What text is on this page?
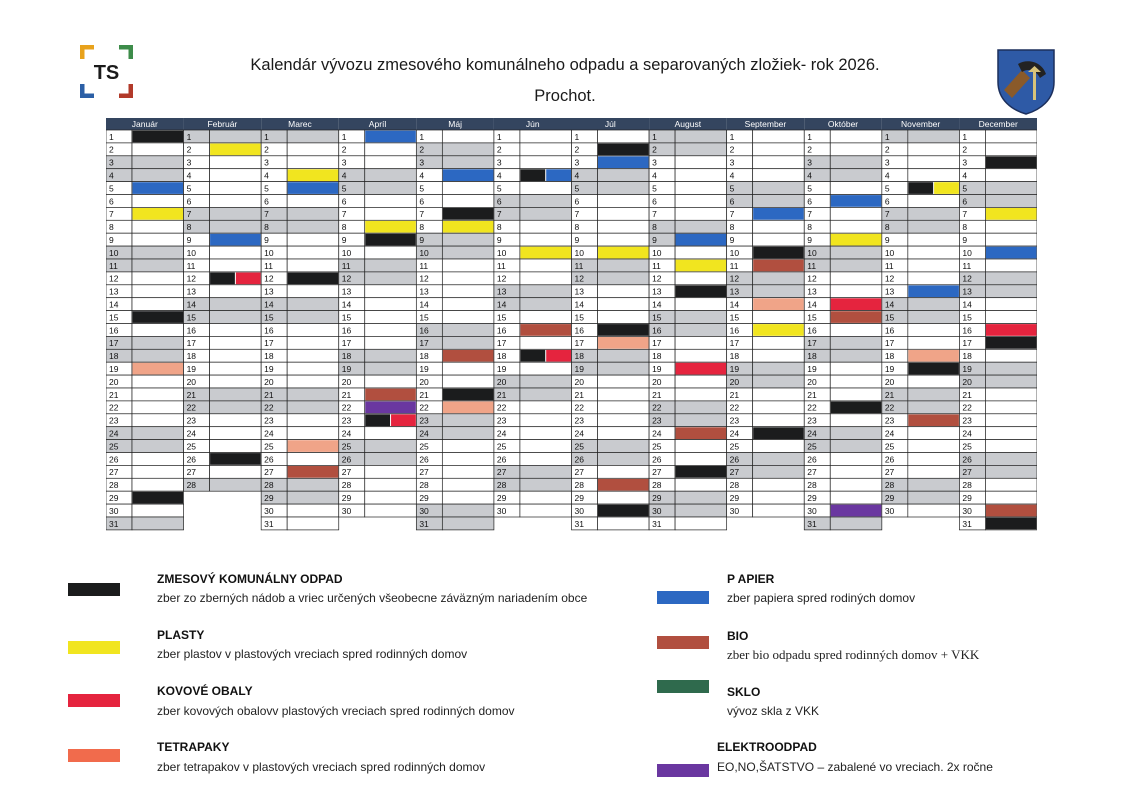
TS	Kalendár vývozu zmesového komunálneho odpadu a separovaných zložiek- rok 2026.
Prochot.
Január
1
2
3
4
5
6
7
8
9
10
11
12
13
14
15
16
17
18
19
20
21
22
23
24
25
26
27
28
29
30
31
Február
1
2
3
4
5
6
7
8
9
10
11
12
13
14
15
16
17
18
19
20
21
22
23
24
25
26
27
28
Marec
1
2
3
4
5
6
7
8
9
10
11
12
13
14
15
16
17
18
19
20
21
22
23
24
25
26
27
28
29
30
31
Apríl
1
2
3
4
5
6
7
8
9
10
11
12
13
14
15
16
17
18
19
20
21
22
23
24
25
26
27
28
29
30
Máj
1
2
3
4
5
6
7
8
9
10
11
12
13
14
15
16
17
18
19
20
21
22
23
24
25
26
27
28
29
30
31
Jún
1
2
3
4
5
6
7
8
9
10
11
12
13
14
15
16
17
18
19
20
21
22
23
24
25
26
27
28
29
30
Júl
1
2
3
4
5
6
7
8
9
10
11
12
13
14
15
16
17
18
19
20
21
22
23
24
25
26
27
28
29
30
31
August
1
2
3
4
5
6
7
8
9
10
11
12
13
14
15
16
17
18
19
20
21
22
23
24
25
26
27
28
29
30
31
September
1
2
3
4
5
6
7
8
9
10
11
12
13
14
15
16
17
18
19
20
21
22
23
24
25
26
27
28
29
30
Október
1
2
3
4
5
6
7
8
9
10
11
12
13
14
15
16
17
18
19
20
21
22
23
24
25
26
27
28
29
30
31
November
1
2
3
4
5
6
7
8
9
10
11
12
13
14
15
16
17
18
19
20
21
22
23
24
25
26
27
28
29
30
December
1
2
3
4
5
6
7
8
9
10
11
12
13
14
15
16
17
18
19
20
21
22
23
24
25
26
27
28
29
30
31
ZMESOVÝ KOMUNÁLNY ODPAD
zber zo zberných nádob a vriec určených všeobecne záväzným nariadením obce
PLASTY
zber plastov v plastových vreciach spred rodinných domov
KOVOVÉ OBALY
zber kovových obalovv plastových vreciach spred rodinných domov
TETRAPAKY
zber tetrapakov v plastových vreciach spred rodinných domov
P APIER
zber papiera spred rodiných domov
BIO
zber bio odpadu spred rodinných domov + VKK
SKLO
vývoz skla z VKK
ELEKTROODPAD
EO,NO,ŠATSTVO – zabalené vo vreciach. 2x ročne
